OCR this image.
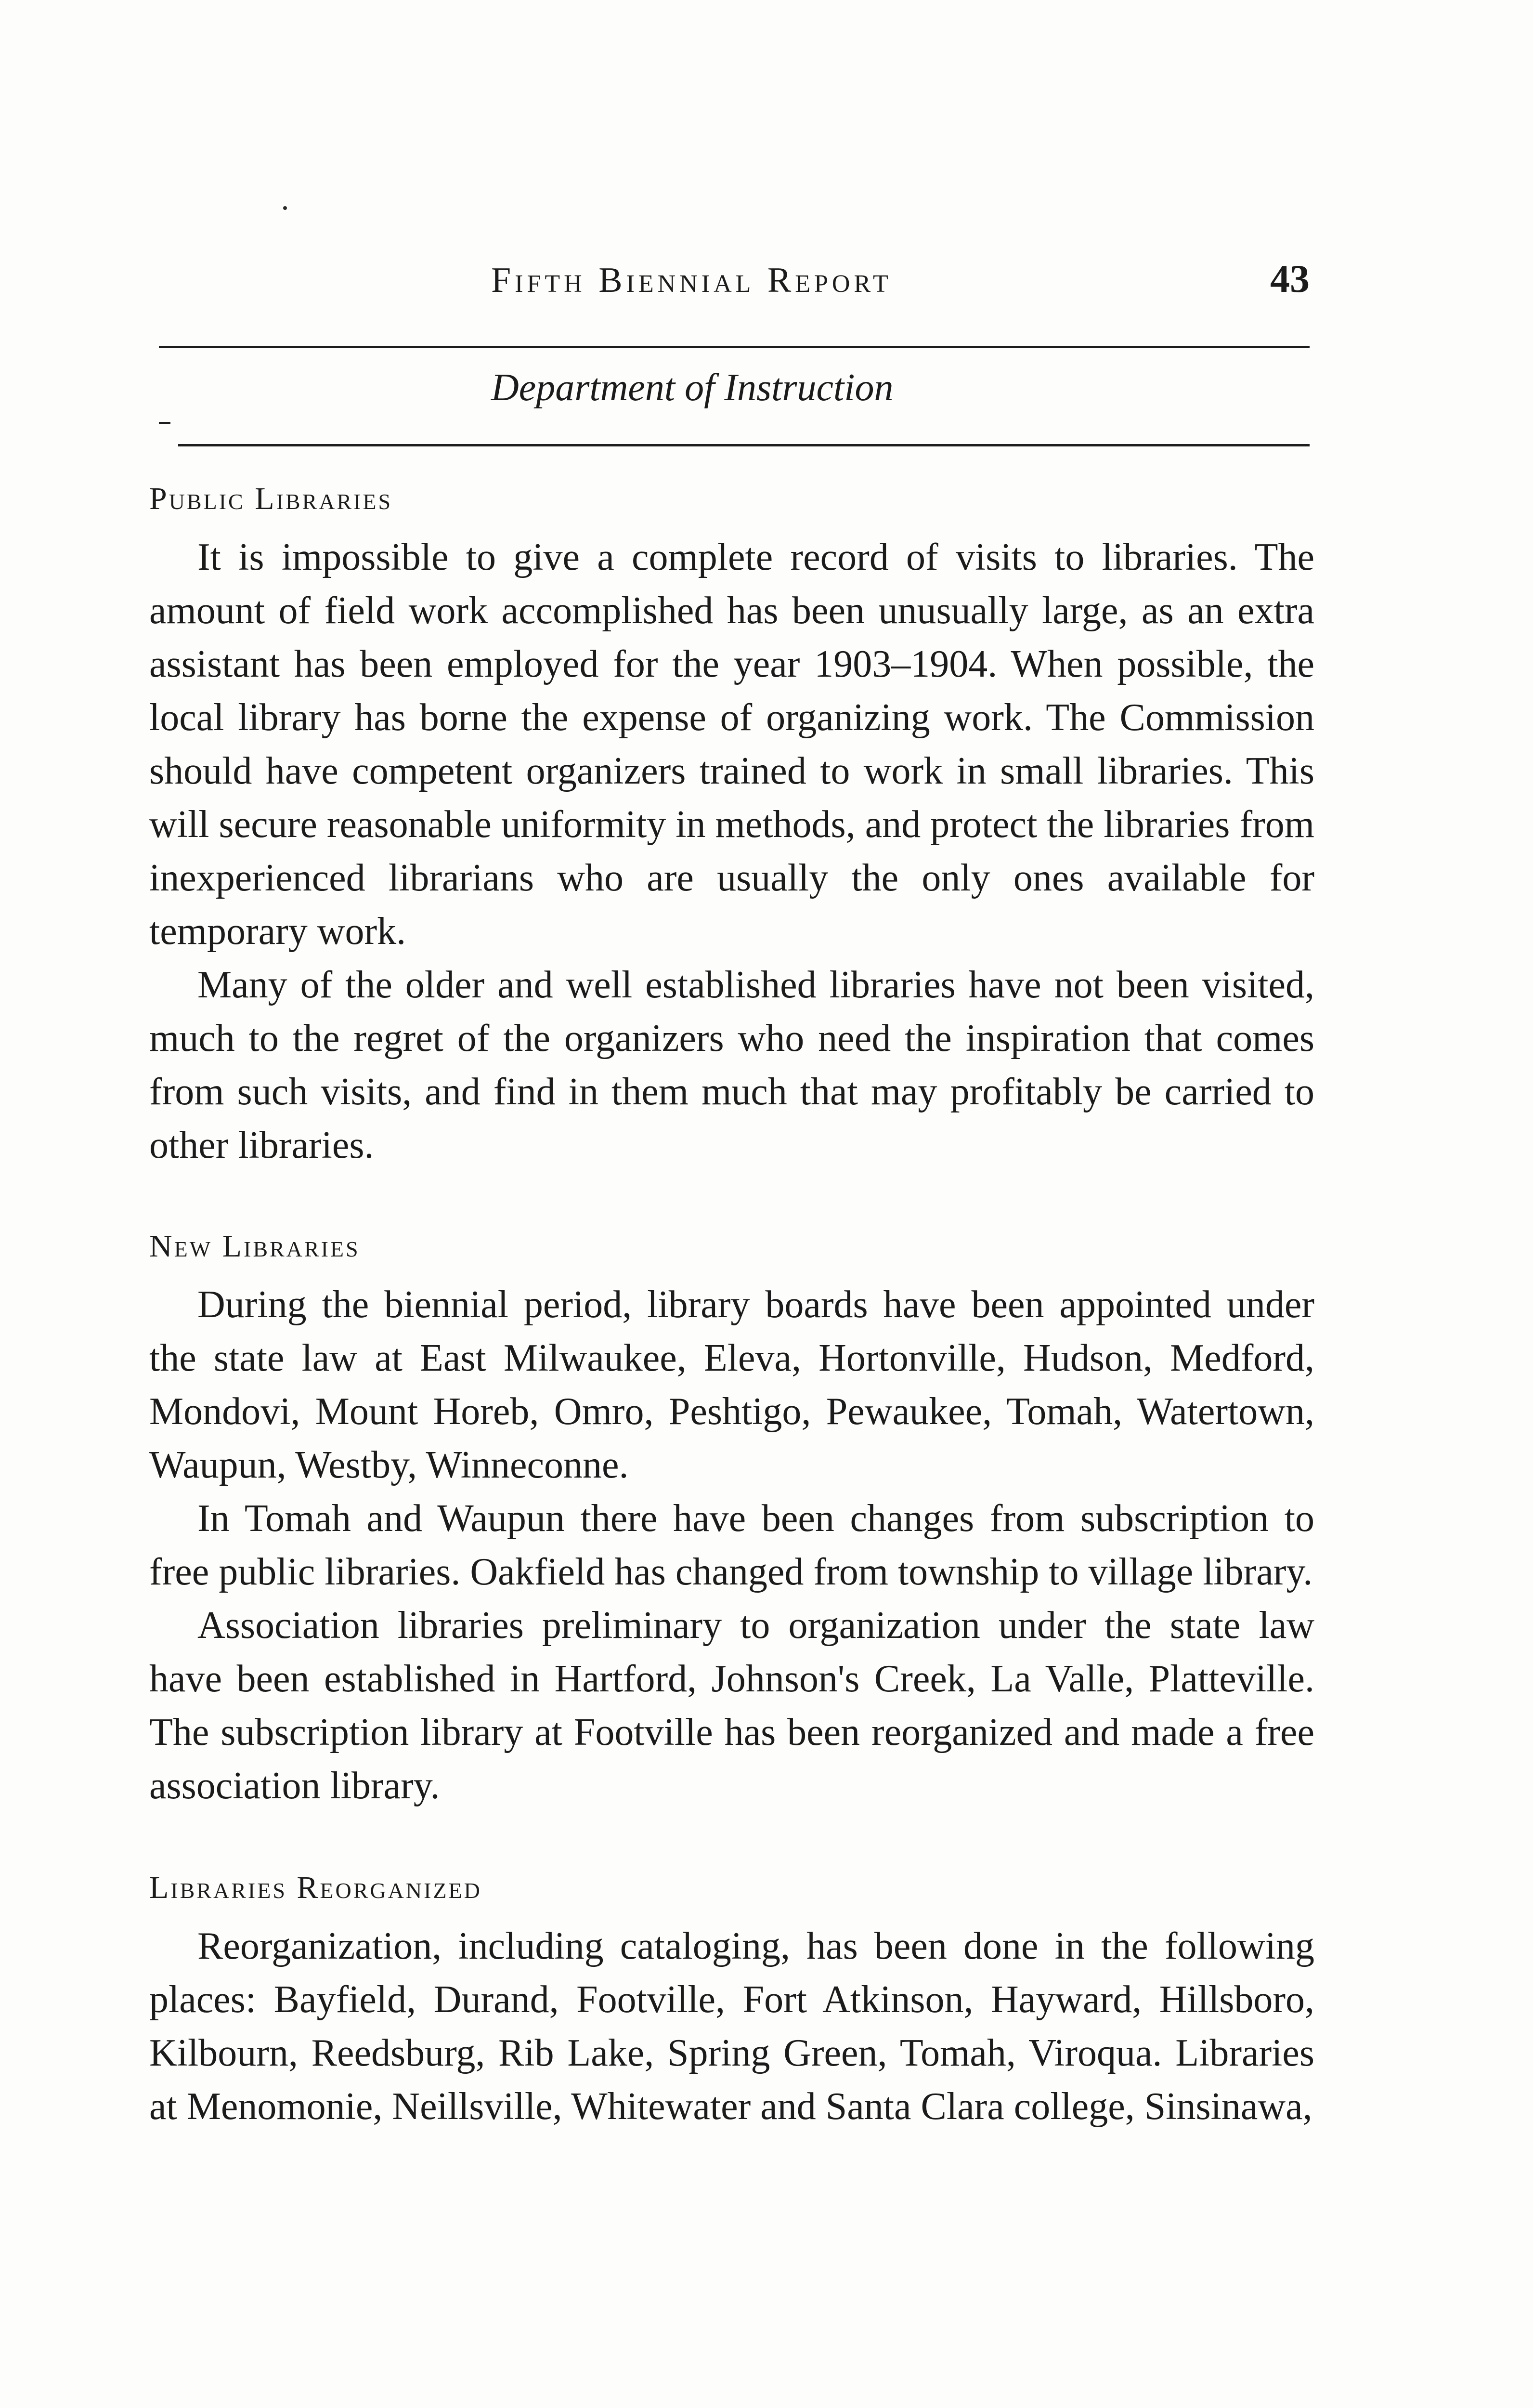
Fifth Biennial Report	43
Department of Instruction
Public Libraries

It is impossible to give a complete record of visits to libraries. The amount of field work accomplished has been unusually large, as an extra assistant has been employed for the year 1903–1904. When possible, the local library has borne the expense of organizing work. The Commission should have competent organizers trained to work in small libraries. This will secure reasonable uniformity in methods, and protect the libraries from inexperienced librarians who are usually the only ones available for temporary work.

Many of the older and well established libraries have not been visited, much to the regret of the organizers who need the inspiration that comes from such visits, and find in them much that may profitably be carried to other libraries.

New Libraries

During the biennial period, library boards have been appointed under the state law at East Milwaukee, Eleva, Hortonville, Hudson, Medford, Mondovi, Mount Horeb, Omro, Peshtigo, Pewaukee, Tomah, Watertown, Waupun, Westby, Winneconne.

In Tomah and Waupun there have been changes from subscription to free public libraries. Oakfield has changed from township to village library.

Association libraries preliminary to organization under the state law have been established in Hartford, Johnson's Creek, La Valle, Platteville. The subscription library at Footville has been reorganized and made a free association library.

Libraries Reorganized

Reorganization, including cataloging, has been done in the following places: Bayfield, Durand, Footville, Fort Atkinson, Hayward, Hillsboro, Kilbourn, Reedsburg, Rib Lake, Spring Green, Tomah, Viroqua. Libraries at Menomonie, Neillsville, Whitewater and Santa Clara college, Sinsinawa,
